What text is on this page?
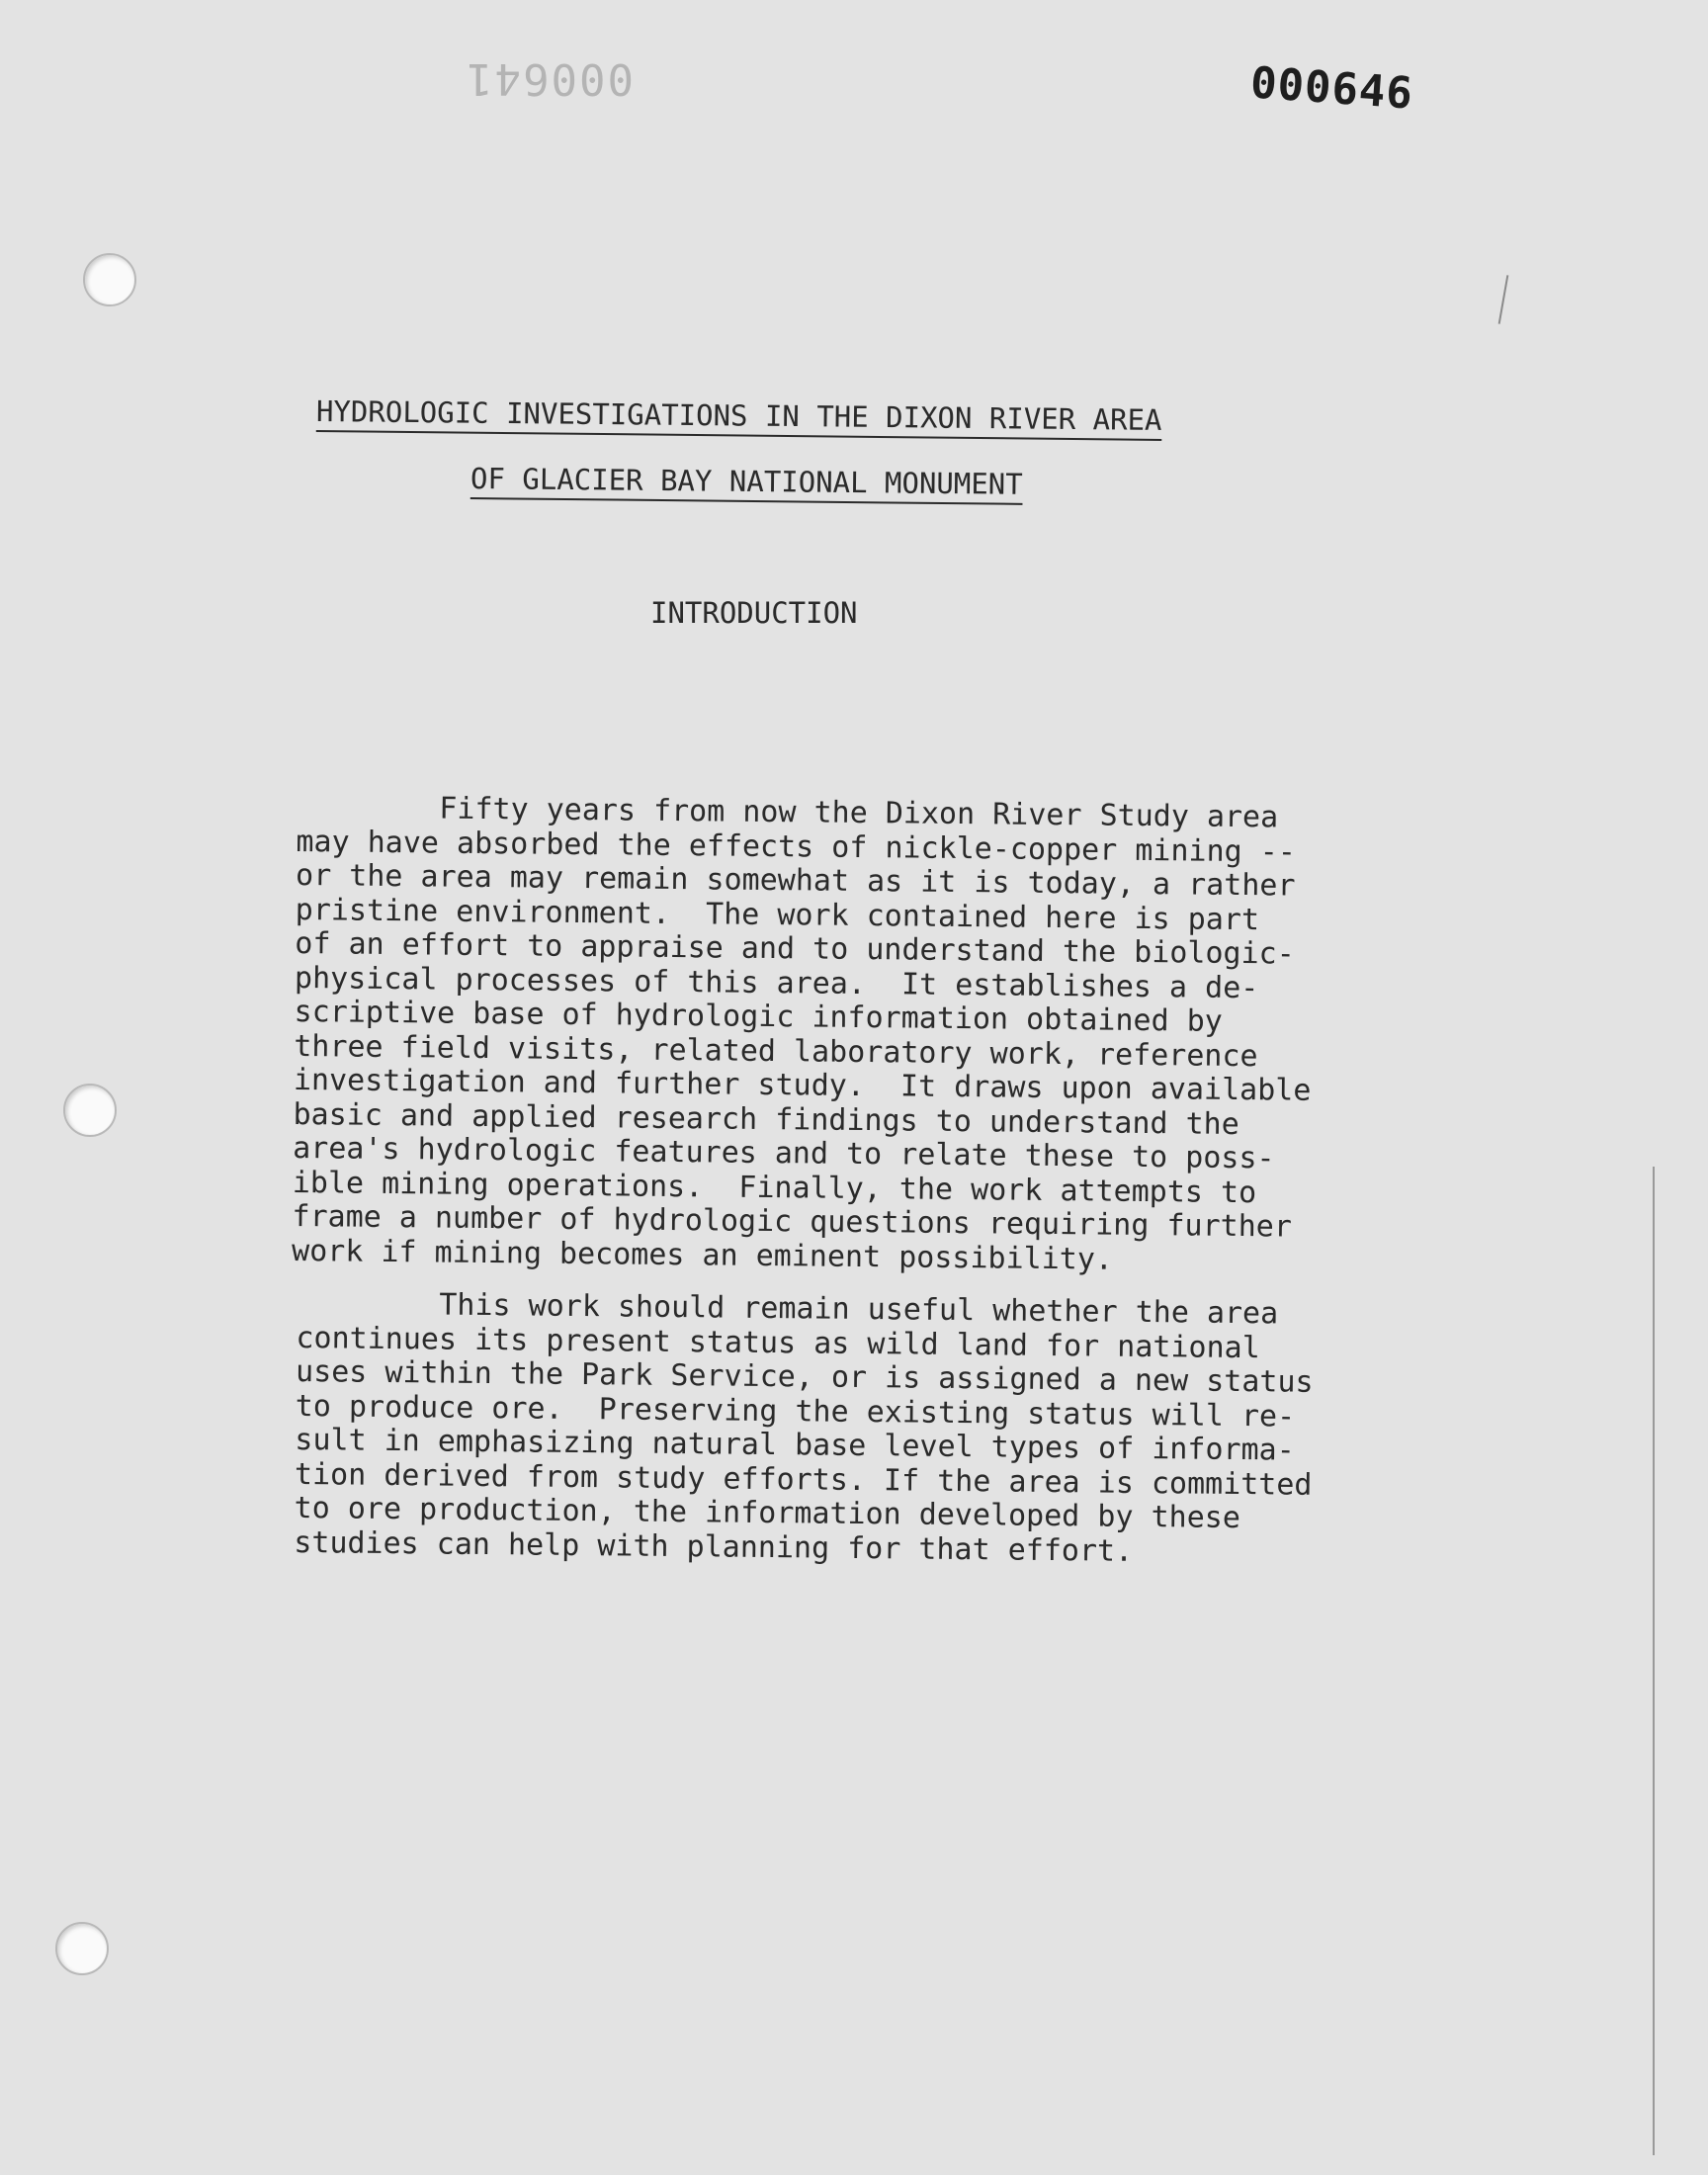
000641	000646
HYDROLOGIC INVESTIGATIONS IN THE DIXON RIVER AREA
OF GLACIER BAY NATIONAL MONUMENT
INTRODUCTION
Fifty years from now the Dixon River Study area
may have absorbed the effects of nickle-copper mining --
or the area may remain somewhat as it is today, a rather
pristine environment.  The work contained here is part
of an effort to appraise and to understand the biologic-
physical processes of this area.  It establishes a de-
scriptive base of hydrologic information obtained by
three field visits, related laboratory work, reference
investigation and further study.  It draws upon available
basic and applied research findings to understand the
area's hydrologic features and to relate these to poss-
ible mining operations.  Finally, the work attempts to
frame a number of hydrologic questions requiring further
work if mining becomes an eminent possibility.
This work should remain useful whether the area
continues its present status as wild land for national
uses within the Park Service, or is assigned a new status
to produce ore.  Preserving the existing status will re-
sult in emphasizing natural base level types of informa-
tion derived from study efforts. If the area is committed
to ore production, the information developed by these
studies can help with planning for that effort.
